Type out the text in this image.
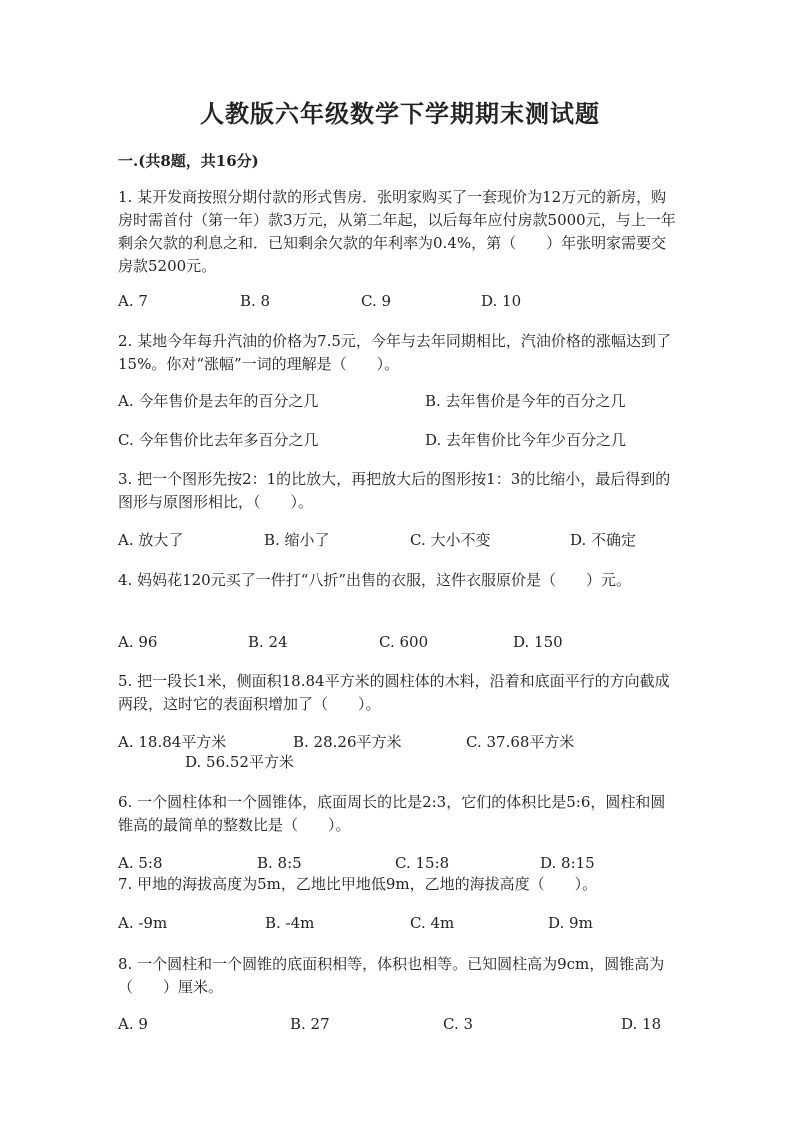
人教版六年级数学下学期期末测试题
一.(共8题，共16分)

1. 某开发商按照分期付款的形式售房．张明家购买了一套现价为12万元的新房，购房时需首付（第一年）款3万元，从第二年起，以后每年应付房款5000元，与上一年剩余欠款的利息之和．已知剩余欠款的年利率为0.4%，第（　　）年张明家需要交房款5200元。

A. 7	B. 8	C. 9	D. 10

2. 某地今年每升汽油的价格为7.5元，今年与去年同期相比，汽油价格的涨幅达到了15%。你对“涨幅”一词的理解是（　　）。

A. 今年售价是去年的百分之几	B. 去年售价是今年的百分之几
C. 今年售价比去年多百分之几	D. 去年售价比今年少百分之几

3. 把一个图形先按2：1的比放大，再把放大后的图形按1：3的比缩小，最后得到的图形与原图形相比，（　　）。

A. 放大了	B. 缩小了	C. 大小不变	D. 不确定

4. 妈妈花120元买了一件打“八折”出售的衣服，这件衣服原价是（　　）元。

A. 96	B. 24	C. 600	D. 150

5. 把一段长1米，侧面积18.84平方米的圆柱体的木料，沿着和底面平行的方向截成两段，这时它的表面积增加了（　　）。

A. 18.84平方米	B. 28.26平方米	C. 37.68平方米
D. 56.52平方米

6. 一个圆柱体和一个圆锥体，底面周长的比是2:3，它们的体积比是5:6，圆柱和圆锥高的最简单的整数比是（　　）。

A. 5:8	B. 8:5	C. 15:8	D. 8:15

7. 甲地的海拔高度为5m，乙地比甲地低9m，乙地的海拔高度（　　）。

A. -9m	B. -4m	C. 4m	D. 9m

8. 一个圆柱和一个圆锥的底面积相等，体积也相等。已知圆柱高为9cm，圆锥高为（　　）厘米。

A. 9	B. 27	C. 3	D. 18
